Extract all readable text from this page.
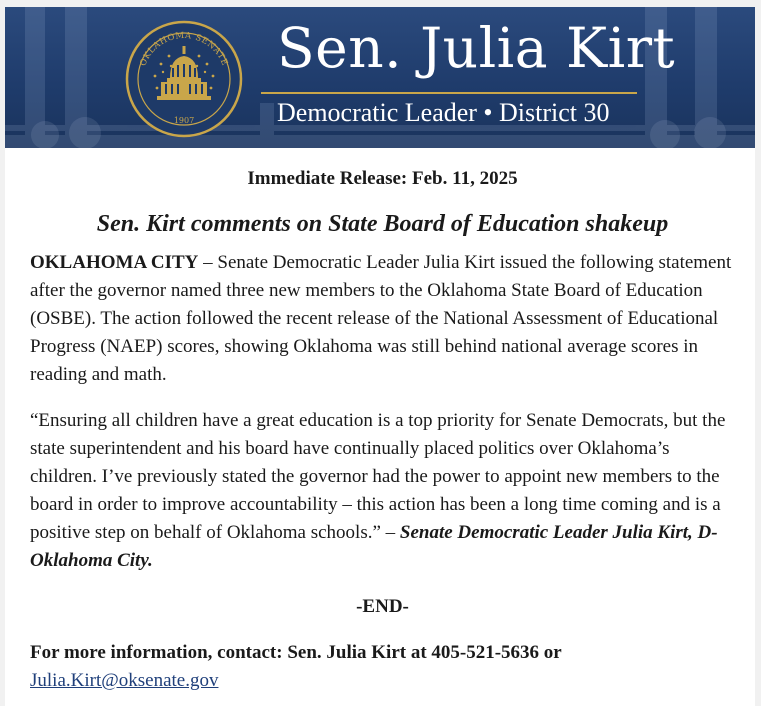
OKLAHOMA SENATE
1907
Sen. Julia Kirt
Democratic Leader • District 30

Immediate Release: Feb. 11, 2025

Sen. Kirt comments on State Board of Education shakeup

OKLAHOMA CITY – Senate Democratic Leader Julia Kirt issued the following statement after the governor named three new members to the Oklahoma State Board of Education (OSBE). The action followed the recent release of the National Assessment of Educational Progress (NAEP) scores, showing Oklahoma was still behind national average scores in reading and math.

“Ensuring all children have a great education is a top priority for Senate Democrats, but the state superintendent and his board have continually placed politics over Oklahoma’s children. I’ve previously stated the governor had the power to appoint new members to the board in order to improve accountability – this action has been a long time coming and is a positive step on behalf of Oklahoma schools.” – Senate Democratic Leader Julia Kirt, D-Oklahoma City.

-END-

For more information, contact: Sen. Julia Kirt at 405-521-5636 or
Julia.Kirt@oksenate.gov
